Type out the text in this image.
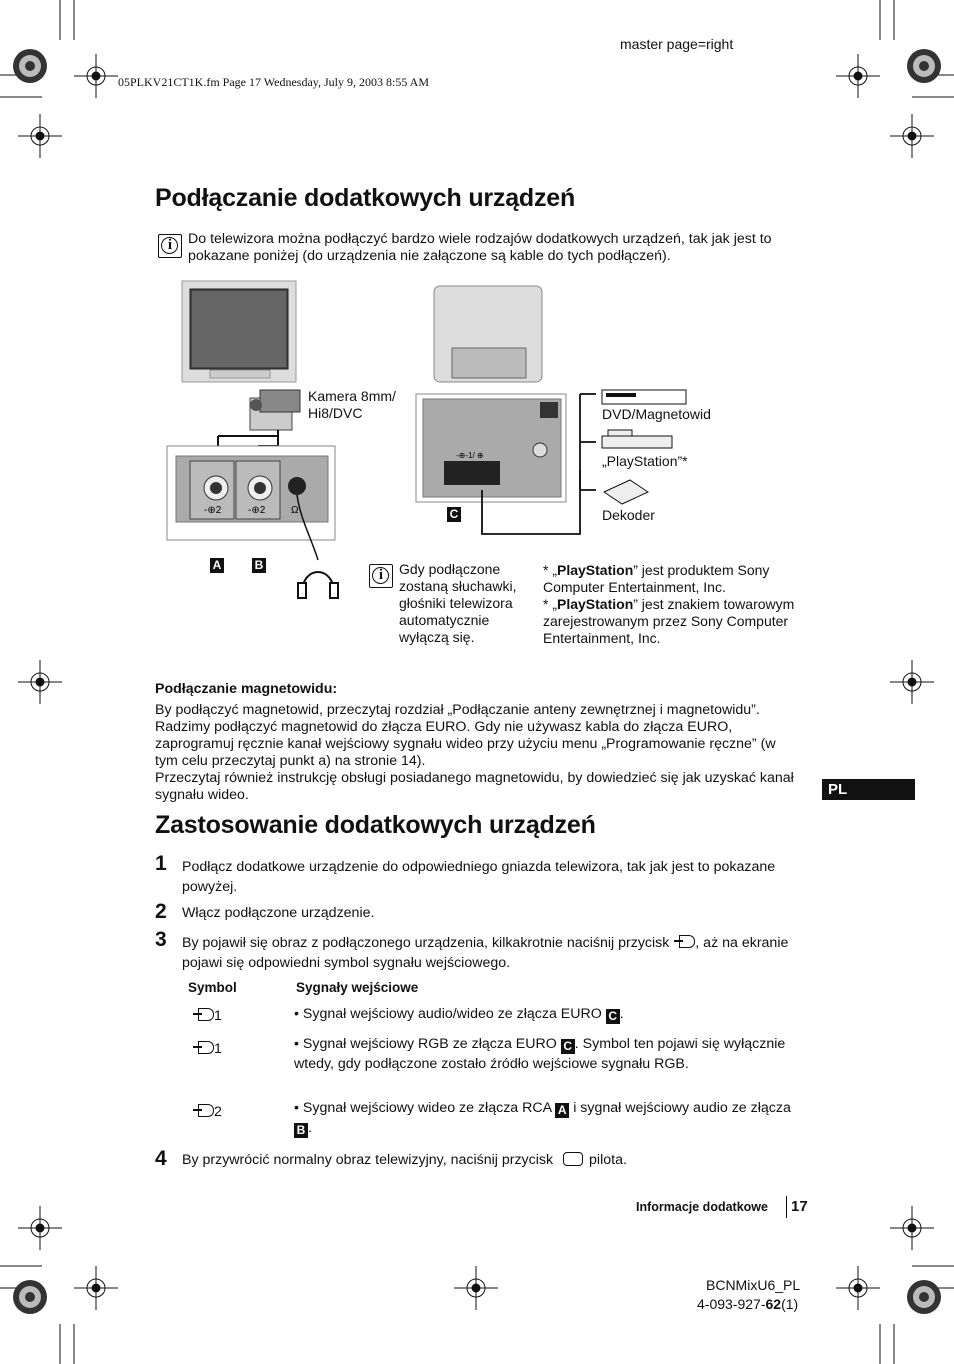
master page=right
05PLKV21CT1K.fm Page 17 Wednesday, July 9, 2003 8:55 AM
Podłączanie dodatkowych urządzeń
i	Do telewizora można podłączyć bardzo wiele rodzajów dodatkowych urządzeń, tak jak jest to pokazane poniżej (do urządzenia nie załączone są kable do tych podłączeń).
-⊕2	-⊕2	Ω
-⊕-1/ ⊕
Kamera 8mm/ Hi8/DVC	DVD/Magnetowid
„PlayStation”*
Dekoder
A	B
C
i	Gdy podłączone zostaną słuchawki, głośniki telewizora automatycznie wyłączą się.
* „PlayStation” jest produktem Sony Computer Entertainment, Inc.
* „PlayStation” jest znakiem towarowym zarejestrowanym przez Sony Computer Entertainment, Inc.
Podłączanie magnetowidu:
By podłączyć magnetowid, przeczytaj rozdział „Podłączanie anteny zewnętrznej i magnetowidu”. Radzimy podłączyć magnetowid do złącza EURO. Gdy nie używasz kabla do złącza EURO, zaprogramuj ręcznie kanał wejściowy sygnału wideo przy użyciu menu „Programowanie ręczne” (w tym celu przeczytaj punkt a) na stronie 14).
Przeczytaj również instrukcję obsługi posiadanego magnetowidu, by dowiedzieć się jak uzyskać kanał sygnału wideo.	PL
Zastosowanie dodatkowych urządzeń
1 Podłącz dodatkowe urządzenie do odpowiedniego gniazda telewizora, tak jak jest to pokazane powyżej.
2 Włącz podłączone urządzenie.
3 By pojawił się obraz z podłączonego urządzenia, kilkakrotnie naciśnij przycisk , aż na ekranie pojawi się odpowiedni symbol sygnału wejściowego.
Symbol	Sygnały wejściowe
1	• Sygnał wejściowy audio/wideo ze złącza EURO C .
1	• Sygnał wejściowy RGB ze złącza EURO C . Symbol ten pojawi się wyłącznie wtedy, gdy podłączone zostało źródło wejściowe sygnału RGB.
2	• Sygnał wejściowy wideo ze złącza RCA A i sygnał wejściowy audio ze złącza B .
4 By przywrócić normalny obraz telewizyjny, naciśnij przycisk	pilota.
Informacje dodatkowe 17
BCNMixU6_PL
4-093-927-62(1)
